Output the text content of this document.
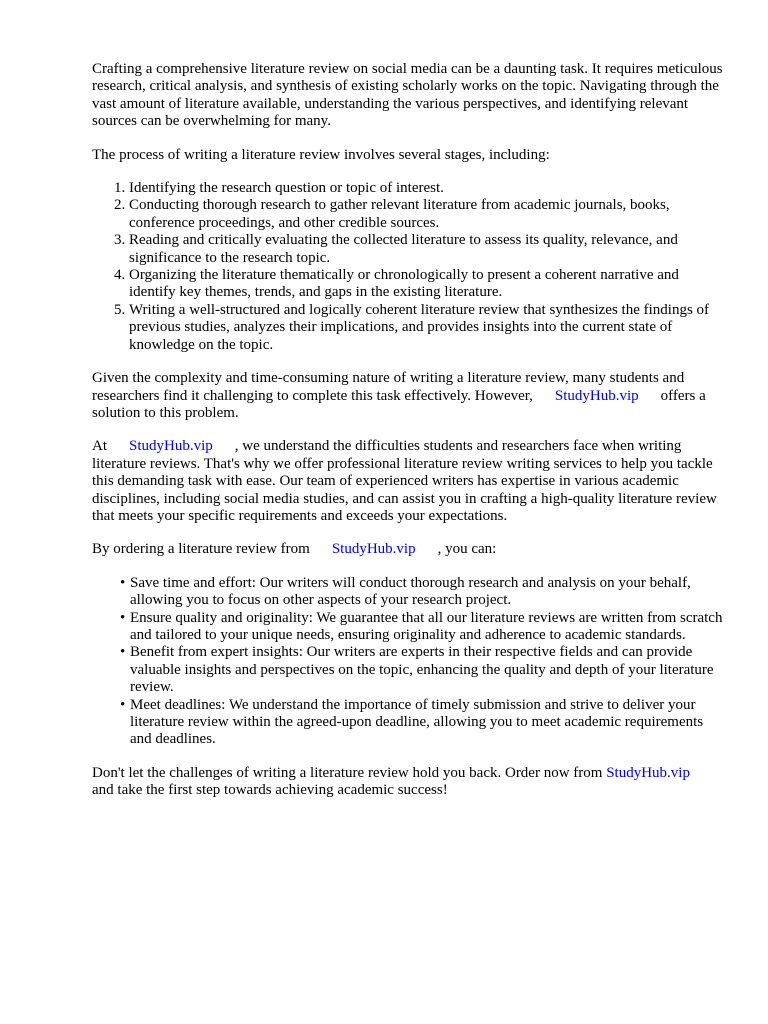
Crafting a comprehensive literature review on social media can be a daunting task. It requires meticulous research, critical analysis, and synthesis of existing scholarly works on the topic. Navigating through the vast amount of literature available, understanding the various perspectives, and identifying relevant sources can be overwhelming for many.

The process of writing a literature review involves several stages, including:

1. Identifying the research question or topic of interest.
2. Conducting thorough research to gather relevant literature from academic journals, books, conference proceedings, and other credible sources.
3. Reading and critically evaluating the collected literature to assess its quality, relevance, and significance to the research topic.
4. Organizing the literature thematically or chronologically to present a coherent narrative and identify key themes, trends, and gaps in the existing literature.
5. Writing a well-structured and logically coherent literature review that synthesizes the findings of previous studies, analyzes their implications, and provides insights into the current state of knowledge on the topic.

Given the complexity and time-consuming nature of writing a literature review, many students and researchers find it challenging to complete this task effectively. However, StudyHub.vip offers a solution to this problem.

At StudyHub.vip , we understand the difficulties students and researchers face when writing literature reviews. That's why we offer professional literature review writing services to help you tackle this demanding task with ease. Our team of experienced writers has expertise in various academic disciplines, including social media studies, and can assist you in crafting a high-quality literature review that meets your specific requirements and exceeds your expectations.

By ordering a literature review from StudyHub.vip , you can:

• Save time and effort: Our writers will conduct thorough research and analysis on your behalf, allowing you to focus on other aspects of your research project.
• Ensure quality and originality: We guarantee that all our literature reviews are written from scratch and tailored to your unique needs, ensuring originality and adherence to academic standards.
• Benefit from expert insights: Our writers are experts in their respective fields and can provide valuable insights and perspectives on the topic, enhancing the quality and depth of your literature review.
• Meet deadlines: We understand the importance of timely submission and strive to deliver your literature review within the agreed-upon deadline, allowing you to meet academic requirements and deadlines.

Don't let the challenges of writing a literature review hold you back. Order now from StudyHub.vipand take the first step towards achieving academic success!
